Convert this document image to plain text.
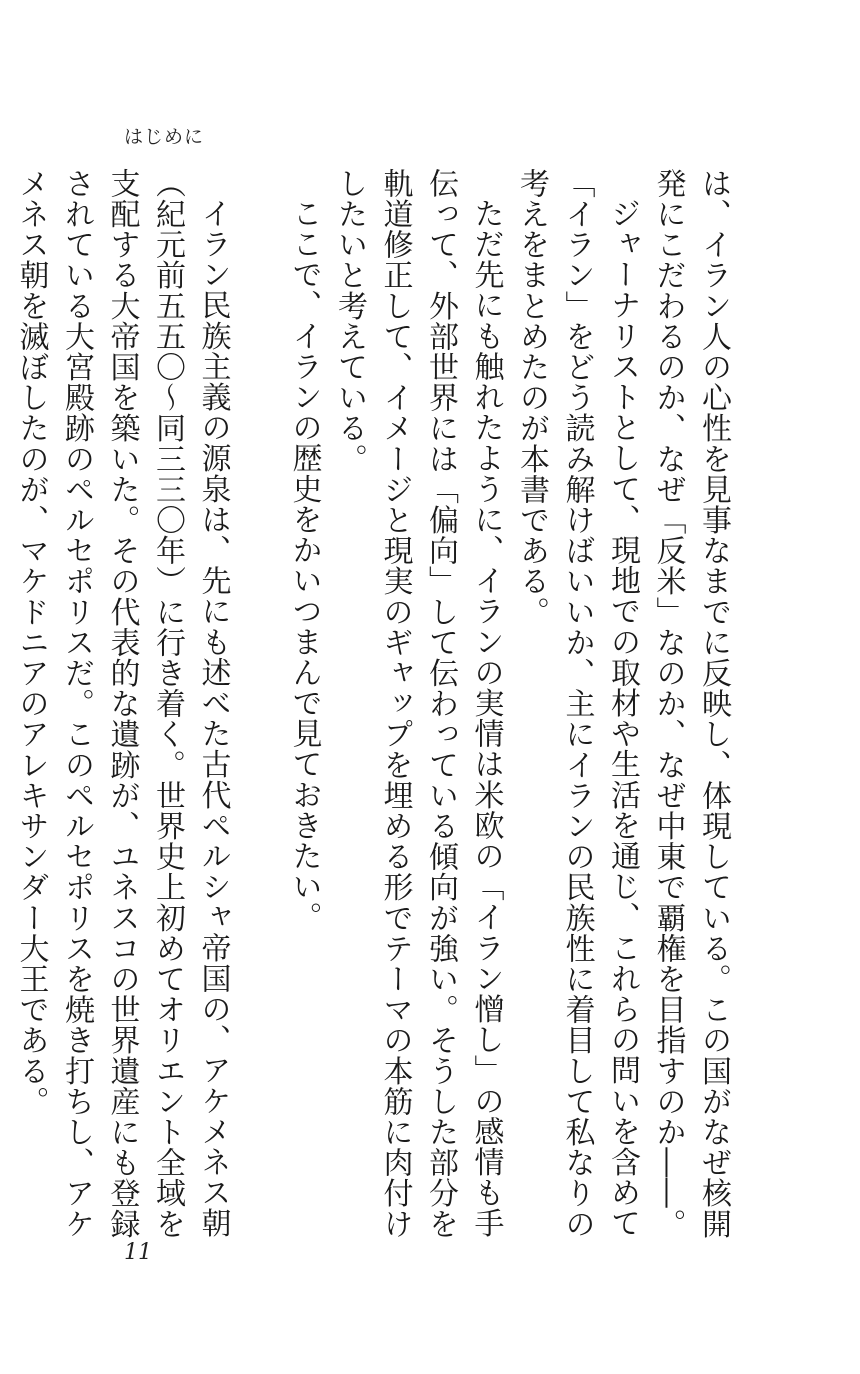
はじめに

は、イラン人の心性を見事なまでに反映し、体現している。この国がなぜ核開発にこだわるのか、なぜ「反米」なのか、なぜ中東で覇権を目指すのか――。

ジャーナリストとして、現地での取材や生活を通じ、これらの問いを含めて「イラン」をどう読み解けばいいか、主にイランの民族性に着目して私なりの考えをまとめたのが本書である。

ただ先にも触れたように、イランの実情は米欧の「イラン憎し」の感情も手伝って、外部世界には「偏向」して伝わっている傾向が強い。そうした部分を軌道修正して、イメージと現実のギャップを埋める形でテーマの本筋に肉付けしたいと考えている。

ここで、イランの歴史をかいつまんで見ておきたい。

イラン民族主義の源泉は、先にも述べた古代ペルシャ帝国の、アケメネス朝（紀元前五五〇～同三三〇年）に行き着く。世界史上初めてオリエント全域を支配する大帝国を築いた。その代表的な遺跡が、ユネスコの世界遺産にも登録されている大宮殿跡のペルセポリスだ。このペルセポリスを焼き打ちし、アケメネス朝を滅ぼしたのが、マケドニアのアレキサンダー大王である。

11
